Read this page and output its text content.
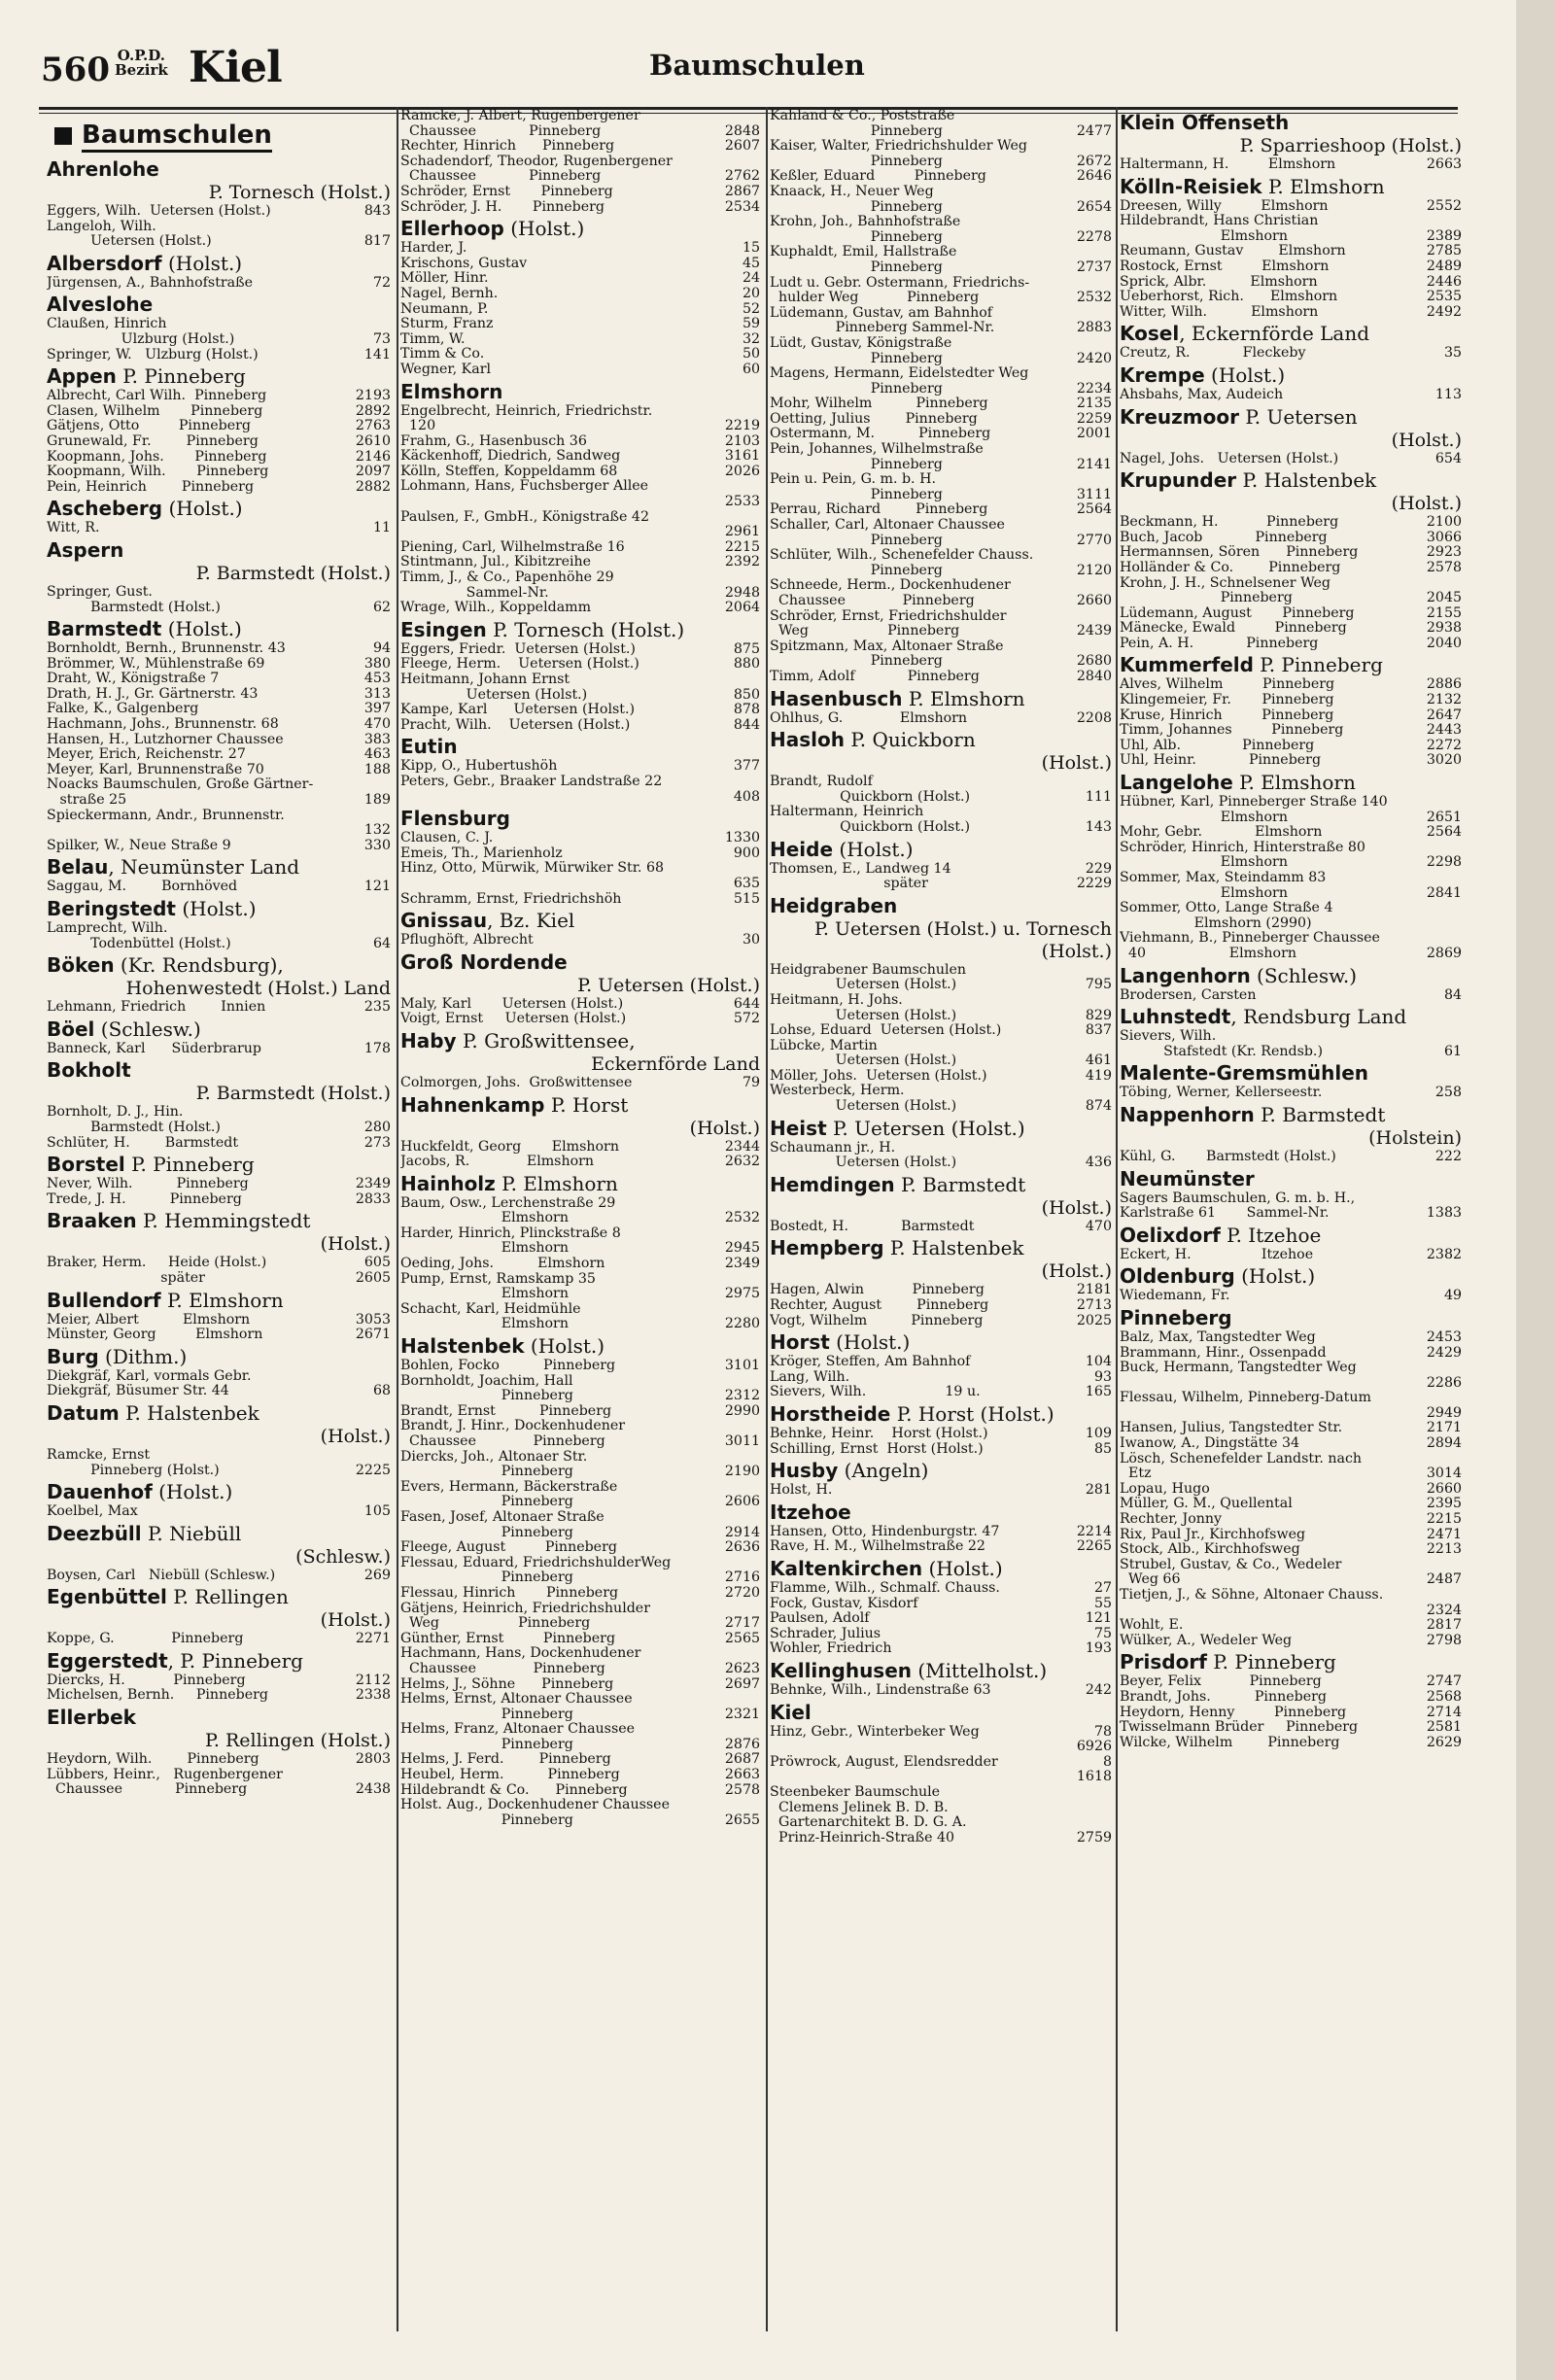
560 O.P.D.
Bezirk Kiel	Baumschulen
Baumschulen
Ahrenlohe
P. Tornesch (Holst.)
843
Eggers, Wilh.  Uetersen (Holst.)
Langeloh, Wilh.
817
Uetersen (Holst.)
Albersdorf (Holst.)
72
Jürgensen, A., Bahnhofstraße
Alveslohe
Claußen, Hinrich
73
Ulzburg (Holst.)
141
Springer, W.   Ulzburg (Holst.)
Appen P. Pinneberg
2193
Albrecht, Carl Wilh.  Pinneberg
2892
Clasen, Wilhelm       Pinneberg
2763
Gätjens, Otto         Pinneberg
2610
Grunewald, Fr.        Pinneberg
2146
Koopmann, Johs.       Pinneberg
2097
Koopmann, Wilh.       Pinneberg
2882
Pein, Heinrich        Pinneberg
Ascheberg (Holst.)
11
Witt, R.
Aspern
P. Barmstedt (Holst.)
Springer, Gust.
62
Barmstedt (Holst.)
Barmstedt (Holst.)
94
Bornholdt, Bernh., Brunnenstr. 43
380
Brömmer, W., Mühlenstraße 69
453
Draht, W., Königstraße 7
313
Drath, H. J., Gr. Gärtnerstr. 43
397
Falke, K., Galgenberg
470
Hachmann, Johs., Brunnenstr. 68
383
Hansen, H., Lutzhorner Chaussee
463
Meyer, Erich, Reichenstr. 27
188
Meyer, Karl, Brunnenstraße 70
Noacks Baumschulen, Große Gärtner-
189
straße 25
Spieckermann, Andr., Brunnenstr.
132
330
Spilker, W., Neue Straße 9
Belau, Neumünster Land
121
Saggau, M.        Bornhöved
Beringstedt (Holst.)
Lamprecht, Wilh.
64
Todenbüttel (Holst.)
Böken (Kr. Rendsburg),
Hohenwestedt (Holst.) Land
235
Lehmann, Friedrich        Innien
Böel (Schlesw.)
178
Banneck, Karl      Süderbrarup
Bokholt
P. Barmstedt (Holst.)
Bornholt, D. J., Hin.
280
Barmstedt (Holst.)
273
Schlüter, H.        Barmstedt
Borstel P. Pinneberg
2349
Never, Wilh.          Pinneberg
2833
Trede, J. H.          Pinneberg
Braaken P. Hemmingstedt
(Holst.)
605
Braker, Herm.     Heide (Holst.)
2605
später
Bullendorf P. Elmshorn
3053
Meier, Albert          Elmshorn
2671
Münster, Georg         Elmshorn
Burg (Dithm.)
Diekgräf, Karl, vormals Gebr.
68
Diekgräf, Büsumer Str. 44
Datum P. Halstenbek
(Holst.)
Ramcke, Ernst
2225
Pinneberg (Holst.)
Dauenhof (Holst.)
105
Koelbel, Max
Deezbüll P. Niebüll
(Schlesw.)
269
Boysen, Carl   Niebüll (Schlesw.)
Egenbüttel P. Rellingen
(Holst.)
2271
Koppe, G.             Pinneberg
Eggerstedt, P. Pinneberg
2112
Diercks, H.           Pinneberg
2338
Michelsen, Bernh.     Pinneberg
Ellerbek
P. Rellingen (Holst.)
2803
Heydorn, Wilh.        Pinneberg
Lübbers, Heinr.,   Rugenbergener
2438
Chaussee            Pinneberg
Ramcke, J. Albert, Rugenbergener
2848
Chaussee            Pinneberg
2607
Rechter, Hinrich      Pinneberg
Schadendorf, Theodor, Rugenbergener
2762
Chaussee            Pinneberg
2867
Schröder, Ernst       Pinneberg
2534
Schröder, J. H.       Pinneberg
Ellerhoop (Holst.)
15
Harder, J.
45
Krischons, Gustav
24
Möller, Hinr.
20
Nagel, Bernh.
52
Neumann, P.
59
Sturm, Franz
32
Timm, W.
50
Timm & Co.
60
Wegner, Karl
Elmshorn
Engelbrecht, Heinrich, Friedrichstr.
2219
120
2103
Frahm, G., Hasenbusch 36
3161
Käckenhoff, Diedrich, Sandweg
2026
Kölln, Steffen, Koppeldamm 68
Lohmann, Hans, Fuchsberger Allee
2533
Paulsen, F., GmbH., Königstraße 42
2961
2215
Piening, Carl, Wilhelmstraße 16
2392
Stintmann, Jul., Kibitzreihe
Timm, J., & Co., Papenhöhe 29
2948
Sammel-Nr.
2064
Wrage, Wilh., Koppeldamm
Esingen P. Tornesch (Holst.)
875
Eggers, Friedr.  Uetersen (Holst.)
880
Fleege, Herm.    Uetersen (Holst.)
Heitmann, Johann Ernst
850
Uetersen (Holst.)
878
Kampe, Karl      Uetersen (Holst.)
844
Pracht, Wilh.    Uetersen (Holst.)
Eutin
377
Kipp, O., Hubertushöh
Peters, Gebr., Braaker Landstraße 22
408
Flensburg
1330
Clausen, C. J.
900
Emeis, Th., Marienholz
Hinz, Otto, Mürwik, Mürwiker Str. 68
635
515
Schramm, Ernst, Friedrichshöh
Gnissau, Bz. Kiel
30
Pflughöft, Albrecht
Groß Nordende
P. Uetersen (Holst.)
644
Maly, Karl       Uetersen (Holst.)
572
Voigt, Ernst     Uetersen (Holst.)
Haby P. Großwittensee,
Eckernförde Land
79
Colmorgen, Johs.  Großwittensee
Hahnenkamp P. Horst
(Holst.)
2344
Huckfeldt, Georg       Elmshorn
2632
Jacobs, R.             Elmshorn
Hainholz P. Elmshorn
Baum, Osw., Lerchenstraße 29
2532
Elmshorn
Harder, Hinrich, Plinckstraße 8
2945
Elmshorn
2349
Oeding, Johs.          Elmshorn
Pump, Ernst, Ramskamp 35
2975
Elmshorn
Schacht, Karl, Heidmühle
2280
Elmshorn
Halstenbek (Holst.)
3101
Bohlen, Focko          Pinneberg
Bornholdt, Joachim, Hall
2312
Pinneberg
2990
Brandt, Ernst          Pinneberg
Brandt, J. Hinr., Dockenhudener
3011
Chaussee             Pinneberg
Diercks, Joh., Altonaer Str.
2190
Pinneberg
Evers, Hermann, Bäckerstraße
2606
Pinneberg
Fasen, Josef, Altonaer Straße
2914
Pinneberg
2636
Fleege, August         Pinneberg
Flessau, Eduard, FriedrichshulderWeg
2716
Pinneberg
2720
Flessau, Hinrich       Pinneberg
Gätjens, Heinrich, Friedrichshulder
2717
Weg                  Pinneberg
2565
Günther, Ernst         Pinneberg
Hachmann, Hans, Dockenhudener
2623
Chaussee             Pinneberg
2697
Helms, J., Söhne      Pinneberg
Helms, Ernst, Altonaer Chaussee
2321
Pinneberg
Helms, Franz, Altonaer Chaussee
2876
Pinneberg
2687
Helms, J. Ferd.        Pinneberg
2663
Heubel, Herm.          Pinneberg
2578
Hildebrandt & Co.      Pinneberg
Holst. Aug., Dockenhudener Chaussee
2655
Pinneberg
Kahland & Co., Poststraße
2477
Pinneberg
Kaiser, Walter, Friedrichshulder Weg
2672
Pinneberg
2646
Keßler, Eduard         Pinneberg
Knaack, H., Neuer Weg
2654
Pinneberg
Krohn, Joh., Bahnhofstraße
2278
Pinneberg
Kuphaldt, Emil, Hallstraße
2737
Pinneberg
Ludt u. Gebr. Ostermann, Friedrichs-
2532
hulder Weg           Pinneberg
Lüdemann, Gustav, am Bahnhof
2883
Pinneberg Sammel-Nr.
Lüdt, Gustav, Königstraße
2420
Pinneberg
Magens, Hermann, Eidelstedter Weg
2234
Pinneberg
2135
Mohr, Wilhelm          Pinneberg
2259
Oetting, Julius        Pinneberg
2001
Ostermann, M.          Pinneberg
Pein, Johannes, Wilhelmstraße
2141
Pinneberg
Pein u. Pein, G. m. b. H.
3111
Pinneberg
2564
Perrau, Richard        Pinneberg
Schaller, Carl, Altonaer Chaussee
2770
Pinneberg
Schlüter, Wilh., Schenefelder Chauss.
2120
Pinneberg
Schneede, Herm., Dockenhudener
2660
Chaussee             Pinneberg
Schröder, Ernst, Friedrichshulder
2439
Weg                  Pinneberg
Spitzmann, Max, Altonaer Straße
2680
Pinneberg
2840
Timm, Adolf            Pinneberg
Hasenbusch P. Elmshorn
2208
Ohlhus, G.             Elmshorn
Hasloh P. Quickborn
(Holst.)
Brandt, Rudolf
111
Quickborn (Holst.)
Haltermann, Heinrich
143
Quickborn (Holst.)
Heide (Holst.)
229
Thomsen, E., Landweg 14
2229
später
Heidgraben
P. Uetersen (Holst.) u. Tornesch (Holst.)
Heidgrabener Baumschulen
795
Uetersen (Holst.)
Heitmann, H. Johs.
829
Uetersen (Holst.)
837
Lohse, Eduard  Uetersen (Holst.)
Lübcke, Martin
461
Uetersen (Holst.)
419
Möller, Johs.  Uetersen (Holst.)
Westerbeck, Herm.
874
Uetersen (Holst.)
Heist P. Uetersen (Holst.)
Schaumann jr., H.
436
Uetersen (Holst.)
Hemdingen P. Barmstedt
(Holst.)
470
Bostedt, H.            Barmstedt
Hempberg P. Halstenbek
(Holst.)
2181
Hagen, Alwin           Pinneberg
2713
Rechter, August        Pinneberg
2025
Vogt, Wilhelm          Pinneberg
Horst (Holst.)
104
Kröger, Steffen, Am Bahnhof
93
Lang, Wilh.
165
Sievers, Wilh.                  19 u.
Horstheide P. Horst (Holst.)
109
Behnke, Heinr.    Horst (Holst.)
85
Schilling, Ernst  Horst (Holst.)
Husby (Angeln)
281
Holst, H.
Itzehoe
2214
Hansen, Otto, Hindenburgstr. 47
2265
Rave, H. M., Wilhelmstraße 22
Kaltenkirchen (Holst.)
27
Flamme, Wilh., Schmalf. Chauss.
55
Fock, Gustav, Kisdorf
121
Paulsen, Adolf
75
Schrader, Julius
193
Wohler, Friedrich
Kellinghusen (Mittelholst.)
242
Behnke, Wilh., Lindenstraße 63
Kiel
78
Hinz, Gebr., Winterbeker Weg
6926
8
Pröwrock, August, Elendsredder
1618
Steenbeker Baumschule
Clemens Jelinek B. D. B.
Gartenarchitekt B. D. G. A.
2759
Prinz-Heinrich-Straße 40
Klein Offenseth
P. Sparrieshoop (Holst.)
2663
Haltermann, H.         Elmshorn
Kölln-Reisiek P. Elmshorn
2552
Dreesen, Willy         Elmshorn
Hildebrandt, Hans Christian
2389
Elmshorn
2785
Reumann, Gustav        Elmshorn
2489
Rostock, Ernst         Elmshorn
2446
Sprick, Albr.          Elmshorn
2535
Ueberhorst, Rich.      Elmshorn
2492
Witter, Wilh.          Elmshorn
Kosel, Eckernförde Land
35
Creutz, R.            Fleckeby
Krempe (Holst.)
113
Ahsbahs, Max, Audeich
Kreuzmoor P. Uetersen
(Holst.)
654
Nagel, Johs.   Uetersen (Holst.)
Krupunder P. Halstenbek
(Holst.)
2100
Beckmann, H.           Pinneberg
3066
Buch, Jacob            Pinneberg
2923
Hermannsen, Sören      Pinneberg
2578
Holländer & Co.        Pinneberg
Krohn, J. H., Schnelsener Weg
2045
Pinneberg
2155
Lüdemann, August       Pinneberg
2938
Mänecke, Ewald         Pinneberg
2040
Pein, A. H.            Pinneberg
Kummerfeld P. Pinneberg
2886
Alves, Wilhelm         Pinneberg
2132
Klingemeier, Fr.       Pinneberg
2647
Kruse, Hinrich         Pinneberg
2443
Timm, Johannes         Pinneberg
2272
Uhl, Alb.              Pinneberg
3020
Uhl, Heinr.            Pinneberg
Langelohe P. Elmshorn
Hübner, Karl, Pinneberger Straße 140
2651
Elmshorn
2564
Mohr, Gebr.            Elmshorn
Schröder, Hinrich, Hinterstraße 80
2298
Elmshorn
Sommer, Max, Steindamm 83
2841
Elmshorn
Sommer, Otto, Lange Straße 4
Elmshorn (2990)
Viehmann, B., Pinneberger Chaussee
2869
40                   Elmshorn
Langenhorn (Schlesw.)
84
Brodersen, Carsten
Luhnstedt, Rendsburg Land
Sievers, Wilh.
61
Stafstedt (Kr. Rendsb.)
Malente-Gremsmühlen
258
Töbing, Werner, Kellerseestr.
Nappenhorn P. Barmstedt
(Holstein)
222
Kühl, G.       Barmstedt (Holst.)
Neumünster
Sagers Baumschulen, G. m. b. H.,
1383
Karlstraße 61       Sammel-Nr.
Oelixdorf P. Itzehoe
2382
Eckert, H.                Itzehoe
Oldenburg (Holst.)
49
Wiedemann, Fr.
Pinneberg
2453
Balz, Max, Tangstedter Weg
2429
Brammann, Hinr., Ossenpadd
Buck, Hermann, Tangstedter Weg
2286
Flessau, Wilhelm, Pinneberg-Datum
2949
2171
Hansen, Julius, Tangstedter Str.
2894
Iwanow, A., Dingstätte 34
Lösch, Schenefelder Landstr. nach
3014
Etz
2660
Lopau, Hugo
2395
Müller, G. M., Quellental
2215
Rechter, Jonny
2471
Rix, Paul Jr., Kirchhofsweg
2213
Stock, Alb., Kirchhofsweg
Strubel, Gustav, & Co., Wedeler
2487
Weg 66
Tietjen, J., & Söhne, Altonaer Chauss.
2324
2817
Wohlt, E.
2798
Wülker, A., Wedeler Weg
Prisdorf P. Pinneberg
2747
Beyer, Felix           Pinneberg
2568
Brandt, Johs.          Pinneberg
2714
Heydorn, Henny         Pinneberg
2581
Twisselmann Brüder     Pinneberg
2629
Wilcke, Wilhelm        Pinneberg
